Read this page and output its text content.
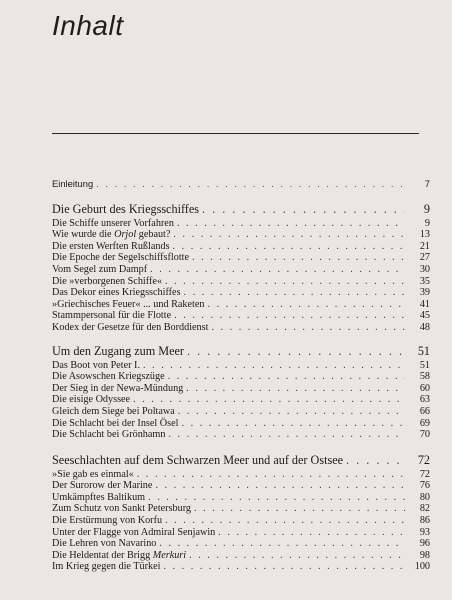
Inhalt
Einleitung . . .	7
Die Geburt des Kriegsschiffes . . .	9
Die Schiffe unserer Vorfahren . . .	9
Wie wurde die Orjol gebaut? . . .	13
Die ersten Werften Rußlands . . .	21
Die Epoche der Segelschiffsflotte . . .	27
Vom Segel zum Dampf . . .	30
Die »verborgenen Schiffe« . . .	35
Das Dekor eines Kriegsschiffes . . .	39
»Griechisches Feuer« ... und Raketen . . .	41
Stammpersonal für die Flotte . . .	45
Kodex der Gesetze für den Borddienst . . .	48
Um den Zugang zum Meer . . .	51
Das Boot von Peter I. . . .	51
Die Asowschen Kriegszüge . . .	58
Der Sieg in der Newa-Mündung . . .	60
Die eisige Odyssee . . .	63
Gleich dem Siege bei Poltawa . . .	66
Die Schlacht bei der Insel Ösel . . .	69
Die Schlacht bei Grönhamn . . .	70
Seeschlachten auf dem Schwarzen Meer und auf der Ostsee . . .	72
»Sie gab es einmal« . . .	72
Der Surorow der Marine . . .	76
Umkämpftes Baltikum . . .	80
Zum Schutz von Sankt Petersburg . . .	82
Die Erstürmung von Korfu . . .	86
Unter der Flagge von Admiral Senjawin . . .	93
Die Lehren von Navarino . . .	96
Die Heldentat der Brigg Merkuri . . .	98
Im Krieg gegen die Türkei . . .	100
